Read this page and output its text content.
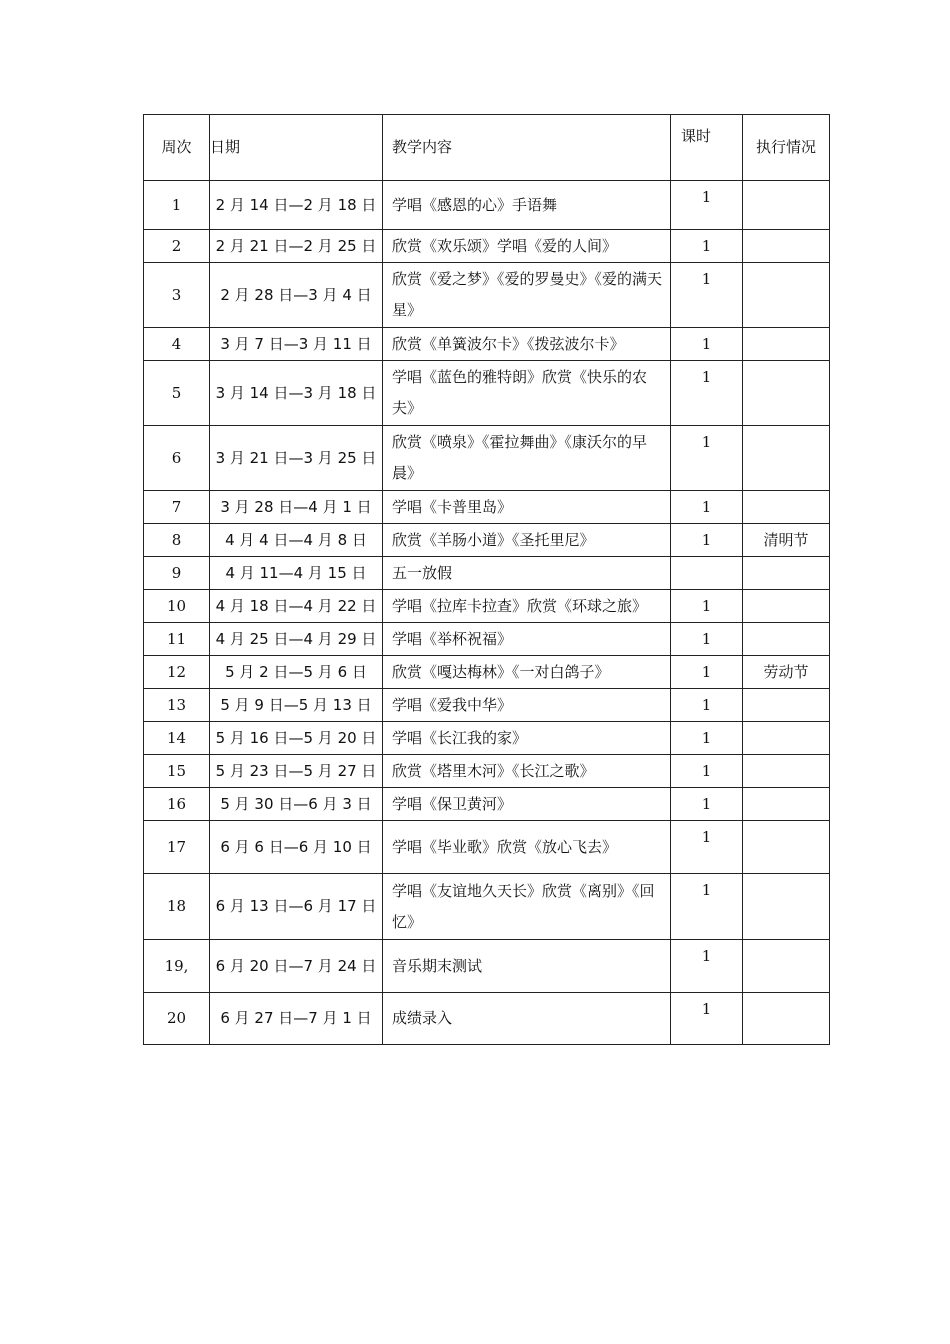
周次	日期	教学内容	课时	执行情况
1	2 月 14 日—2 月 18 日	学唱《感恩的心》手语舞	1	
2	2 月 21 日—2 月 25 日	欣赏《欢乐颂》学唱《爱的人间》	1	
3	2 月 28 日—3 月 4 日	欣赏《爱之梦》《爱的罗曼史》《爱的满天星》	1	
4	3 月 7 日—3 月 11 日	欣赏《单簧波尔卡》《拨弦波尔卡》	1	
5	3 月 14 日—3 月 18 日	学唱《蓝色的雅特朗》欣赏《快乐的农夫》	1	
6	3 月 21 日—3 月 25 日	欣赏《喷泉》《霍拉舞曲》《康沃尔的早晨》	1	
7	3 月 28 日—4 月 1 日	学唱《卡普里岛》	1	
8	4 月 4 日—4 月 8 日	欣赏《羊肠小道》《圣托里尼》	1	清明节
9	4 月 11—4 月 15 日	五一放假		
10	4 月 18 日—4 月 22 日	学唱《拉库卡拉查》欣赏《环球之旅》	1	
11	4 月 25 日—4 月 29 日	学唱《举杯祝福》	1	
12	5 月 2 日—5 月 6 日	欣赏《嘎达梅林》《一对白鸽子》	1	劳动节
13	5 月 9 日—5 月 13 日	学唱《爱我中华》	1	
14	5 月 16 日—5 月 20 日	学唱《长江我的家》	1	
15	5 月 23 日—5 月 27 日	欣赏《塔里木河》《长江之歌》	1	
16	5 月 30 日—6 月 3 日	学唱《保卫黄河》	1	
17	6 月 6 日—6 月 10 日	学唱《毕业歌》欣赏《放心飞去》	1	
18	6 月 13 日—6 月 17 日	学唱《友谊地久天长》欣赏《离别》《回忆》	1	
19,	6 月 20 日—7 月 24 日	音乐期末测试	1	
20	6 月 27 日—7 月 1 日	成绩录入	1	
